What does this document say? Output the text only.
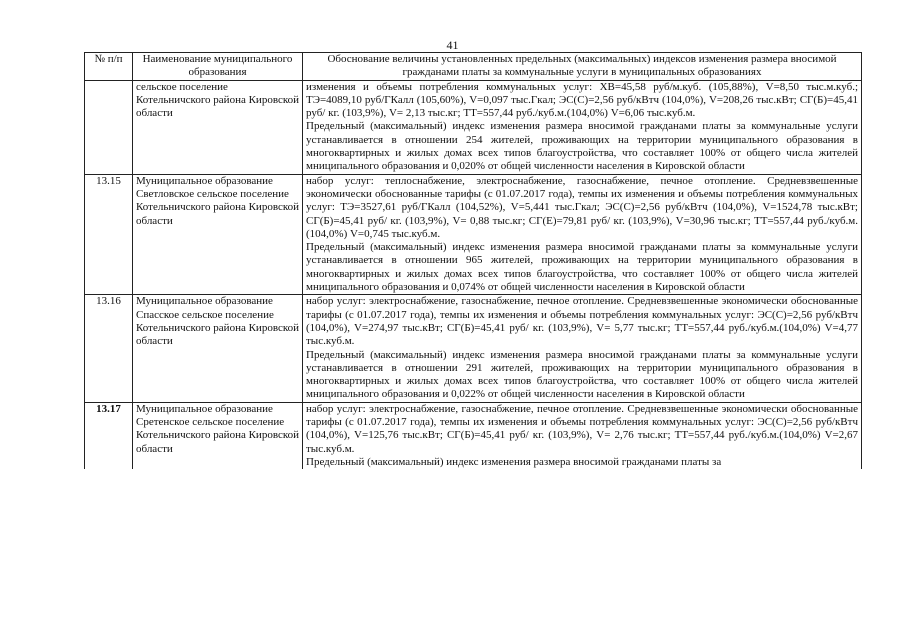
41
№ п/п	Наименование муниципального образования	Обоснование величины установленных предельных (максимальных) индексов изменения размера вносимой гражданами платы за коммунальные услуги в муниципальных образованиях
	сельское поселение Котельничского района Кировской области	изменения и объемы потребления коммунальных услуг: ХВ=45,58 руб/м.куб. (105,88%), V=8,50 тыс.м.куб.; ТЭ=4089,10 руб/ГКалл (105,60%), V=0,097 тыс.Гкал; ЭС(С)=2,56 руб/кВтч (104,0%), V=208,26 тыс.кВт; СГ(Б)=45,41 руб/ кг. (103,9%), V= 2,13 тыс.кг; ТТ=557,44 руб./куб.м.(104,0%) V=6,06 тыс.куб.м.

Предельный (максимальный) индекс изменения размера вносимой гражданами платы за коммунальные услуги устанавливается в отношении 254 жителей, проживающих на территории муниципального образования в многоквартирных и жилых домах всех типов благоустройства, что составляет 100% от общего числа жителей мниципального образования и 0,020% от общей численности населения в Кировской области

13.15	Муниципальное образование Светловское сельское поселение Котельничского района Кировской области	набор услуг: теплоснабжение, электроснабжение, газоснабжение, печное отопление. Средневзвешенные экономически обоснованные тарифы (с 01.07.2017 года), темпы их изменения и объемы потребления коммунальных услуг: ТЭ=3527,61 руб/ГКалл (104,52%), V=5,441 тыс.Гкал; ЭС(С)=2,56 руб/кВтч (104,0%), V=1524,78 тыс.кВт; СГ(Б)=45,41 руб/ кг. (103,9%), V= 0,88 тыс.кг; СГ(Е)=79,81 руб/ кг. (103,9%), V=30,96 тыс.кг; ТТ=557,44 руб./куб.м.(104,0%) V=0,745 тыс.куб.м.

Предельный (максимальный) индекс изменения размера вносимой гражданами платы за коммунальные услуги устанавливается в отношении 965 жителей, проживающих на территории муниципального образования в многоквартирных и жилых домах всех типов благоустройства, что составляет 100% от общего числа жителей мниципального образования и 0,074% от общей численности населения в Кировской области

13.16	Муниципальное образование Спасское сельское поселение Котельничского района Кировской области	набор услуг: электроснабжение, газоснабжение, печное отопление. Средневзвешенные экономически обоснованные тарифы (с 01.07.2017 года), темпы их изменения и объемы потребления коммунальных услуг: ЭС(С)=2,56 руб/кВтч (104,0%), V=274,97 тыс.кВт; СГ(Б)=45,41 руб/ кг. (103,9%), V= 5,77 тыс.кг; ТТ=557,44 руб./куб.м.(104,0%) V=4,77 тыс.куб.м.

Предельный (максимальный) индекс изменения размера вносимой гражданами платы за коммунальные услуги устанавливается в отношении 291 жителей, проживающих на территории муниципального образования в многоквартирных и жилых домах всех типов благоустройства, что составляет 100% от общего числа жителей мниципального образования и 0,022% от общей численности населения в Кировской области

13.17	Муниципальное образование Сретенское сельское поселение Котельничского района Кировской области	набор услуг: электроснабжение, газоснабжение, печное отопление. Средневзвешенные экономически обоснованные тарифы (с 01.07.2017 года), темпы их изменения и объемы потребления коммунальных услуг: ЭС(С)=2,56 руб/кВтч (104,0%), V=125,76 тыс.кВт; СГ(Б)=45,41 руб/ кг. (103,9%), V= 2,76 тыс.кг; ТТ=557,44 руб./куб.м.(104,0%) V=2,67 тыс.куб.м.

Предельный (максимальный) индекс изменения размера вносимой гражданами платы за
